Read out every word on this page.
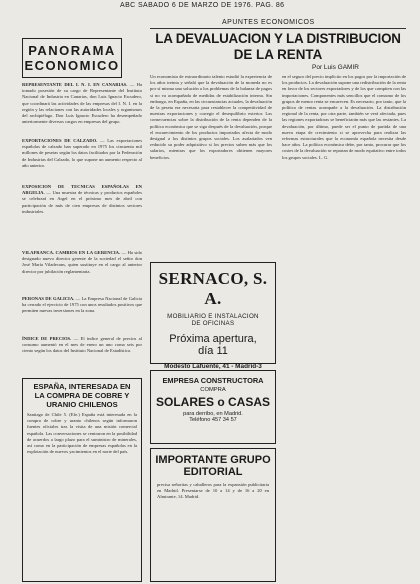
ABC SABADO 6 DE MARZO DE 1976. PAG. 86
PANORAMA
ECONOMICO
REPRESENTANTE DEL I. N. I. EN CANARIAS. — Ha tomado posesión de su cargo de Representante del Instituto Nacional de Industria en Canarias, don Luis Ignacio Escudero, que coordinará las actividades de las empresas del I. N. I. en la región y las relaciones con las autoridades locales y organismos del archipiélago. Don Luis Ignacio Escudero ha desempeñado anteriormente diversos cargos en empresas del grupo.
EXPORTACIONES DE CALZADO. — Las exportaciones españolas de calzado han superado en 1975 los cincuenta mil millones de pesetas según los datos facilitados por la Federación de Industrias del Calzado, lo que supone un aumento respecto al año anterior.
EXPOSICION DE TECNICAS ESPAÑOLAS EN ARGELIA. — Una muestra de técnicas y productos españoles se celebrará en Argel en el próximo mes de abril con participación de más de cien empresas de distintos sectores industriales.
VILAFRANCA. CAMBIOS EN LA GERENCIA. — Ha sido designado nuevo director gerente de la sociedad el señor don José María Viladecans, quien sustituye en el cargo al anterior director por jubilación reglamentaria.
PERONAS DE GALICIA. — La Empresa Nacional de Galicia ha cerrado el ejercicio de 1975 con unos resultados positivos que permiten nuevas inversiones en la zona.
ÍNDICE DE PRECIOS. — El índice general de precios al consumo aumentó en el mes de enero un uno coma seis por ciento según los datos del Instituto Nacional de Estadística.
ESPAÑA, INTERESADA EN
LA COMPRA DE COBRE Y
URANIO CHILENOS
Santiago de Chile 5. (Efe.) España está interesada en la compra de cobre y uranio chilenos según informaron fuentes oficiales tras la visita de una misión comercial española. Las conversaciones se centraron en la posibilidad de acuerdos a largo plazo para el suministro de minerales, así como en la participación de empresas españolas en la explotación de nuevos yacimientos en el norte del país.
APUNTES ECONOMICOS
LA DEVALUACION Y LA DISTRIBUCION
DE LA RENTA
Por Luis GAMIR
Un economista de extraordinario talento estudió la experiencia de los años treinta y señaló que la devaluación de la moneda no es por sí misma una solución a los problemas de la balanza de pagos si no va acompañada de medidas de estabilización interna. Sin embargo, en España, en las circunstancias actuales, la devaluación de la peseta era necesaria para restablecer la competitividad de nuestras exportaciones y corregir el desequilibrio exterior. Las consecuencias sobre la distribución de la renta dependen de la política económica que se siga después de la devaluación, porque el encarecimiento de los productos importados afecta de modo desigual a los distintos grupos sociales. Los asalariados ven reducido su poder adquisitivo si los precios suben más que los salarios, mientras que los exportadores obtienen mayores beneficios.
en el seguro del precio implícito en los pagos por la importación de los productos. La devaluación supone una redistribución de la renta en favor de los sectores exportadores y de los que compiten con las importaciones. Componentes más sencillos que el consumo de los grupos de menor renta se encarecen. Es necesario, por tanto, que la política de rentas acompañe a la devaluación. La distribución regional de la renta, por otra parte, también se verá afectada, pues las regiones exportadoras se beneficiarán más que las restantes. La devaluación, por último, puede ser el punto de partida de una nueva etapa de crecimiento si se aprovecha para realizar las reformas estructurales que la economía española necesita desde hace años. La política económica debe, por tanto, procurar que los costes de la devaluación se repartan de modo equitativo entre todos los grupos sociales. L. G.
SERNACO, S. A.
MOBILIARIO E INSTALACION
DE OFICINAS
Próxima apertura,
día 11
Modesto Lafuente, 41 - Madrid-3
EMPRESA CONSTRUCTORA
COMPRA
SOLARES o CASAS
para derribo, en Madrid.
Teléfono 457 34 57
IMPORTANTE GRUPO
EDITORIAL
precisa señoritas y caballeros para la expansión publicitaria en Madrid. Presentarse de 10 a 14 y de 16 a 20 en Almirante, 14. Madrid.
